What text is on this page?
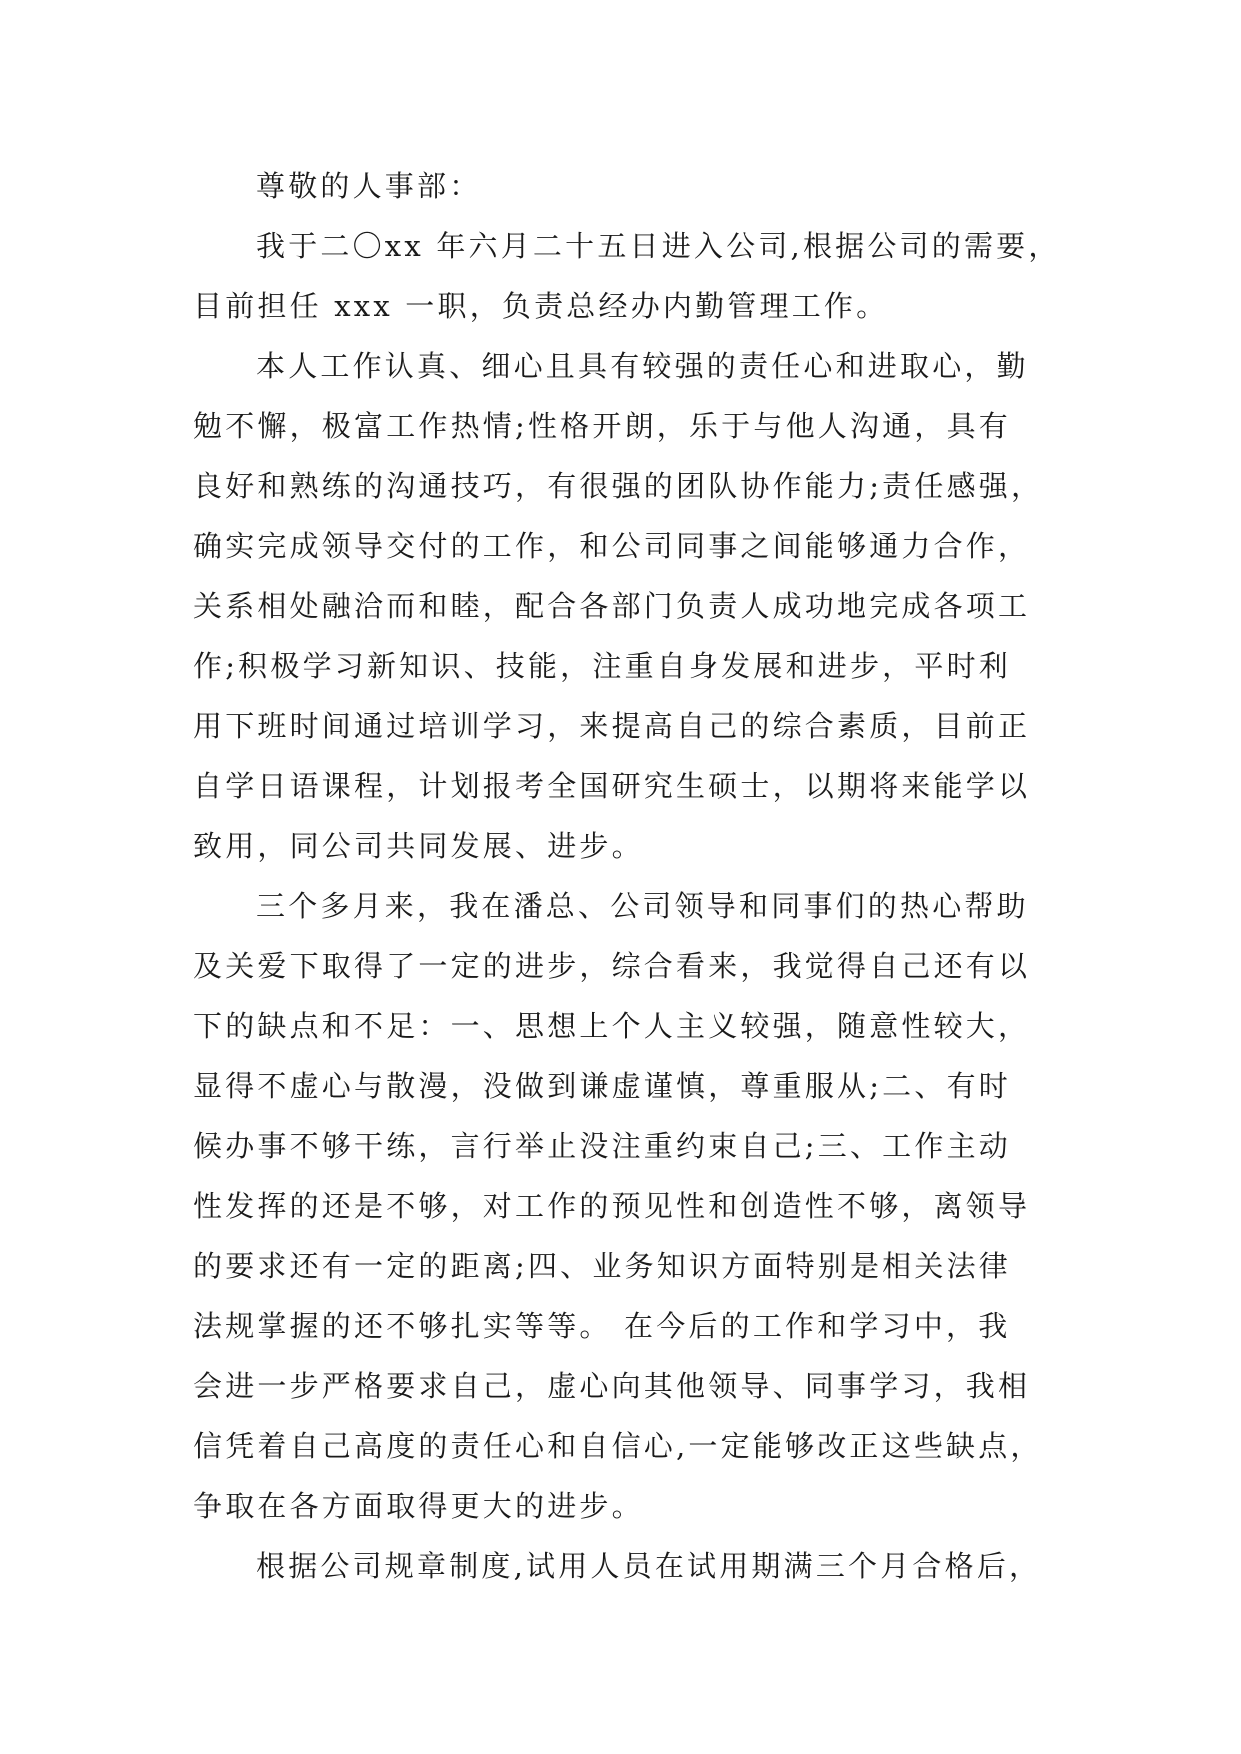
尊敬的人事部：
我于二〇xx 年六月二十五日进入公司,根据公司的需要，
目前担任 xxx 一职，负责总经办内勤管理工作。
本人工作认真、细心且具有较强的责任心和进取心，勤
勉不懈，极富工作热情;性格开朗，乐于与他人沟通，具有
良好和熟练的沟通技巧，有很强的团队协作能力;责任感强，
确实完成领导交付的工作，和公司同事之间能够通力合作，
关系相处融洽而和睦，配合各部门负责人成功地完成各项工
作;积极学习新知识、技能，注重自身发展和进步，平时利
用下班时间通过培训学习，来提高自己的综合素质，目前正
自学日语课程，计划报考全国研究生硕士，以期将来能学以
致用，同公司共同发展、进步。
三个多月来，我在潘总、公司领导和同事们的热心帮助
及关爱下取得了一定的进步，综合看来，我觉得自己还有以
下的缺点和不足：一、思想上个人主义较强，随意性较大，
显得不虚心与散漫，没做到谦虚谨慎，尊重服从;二、有时
候办事不够干练，言行举止没注重约束自己;三、工作主动
性发挥的还是不够，对工作的预见性和创造性不够，离领导
的要求还有一定的距离;四、业务知识方面特别是相关法律
法规掌握的还不够扎实等等。 在今后的工作和学习中，我
会进一步严格要求自己，虚心向其他领导、同事学习，我相
信凭着自己高度的责任心和自信心,一定能够改正这些缺点，
争取在各方面取得更大的进步。
根据公司规章制度,试用人员在试用期满三个月合格后，
